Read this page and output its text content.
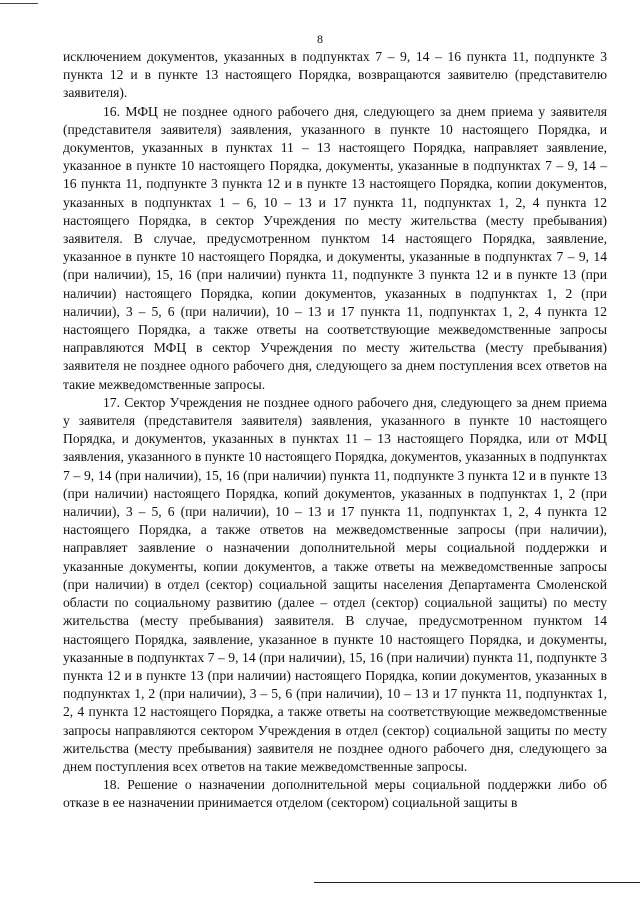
8

исключением документов, указанных в подпунктах 7 – 9, 14 – 16 пункта 11, подпункте 3 пункта 12 и в пункте 13 настоящего Порядка, возвращаются заявителю (представителю заявителя).

16. МФЦ не позднее одного рабочего дня, следующего за днем приема у заявителя (представителя заявителя) заявления, указанного в пункте 10 настоящего Порядка, и документов, указанных в пунктах 11 – 13 настоящего Порядка, направляет заявление, указанное в пункте 10 настоящего Порядка, документы, указанные в подпунктах 7 – 9, 14 – 16 пункта 11, подпункте 3 пункта 12 и в пункте 13 настоящего Порядка, копии документов, указанных в подпунктах 1 – 6, 10 – 13 и 17 пункта 11, подпунктах 1, 2, 4 пункта 12 настоящего Порядка, в сектор Учреждения по месту жительства (месту пребывания) заявителя. В случае, предусмотренном пунктом 14 настоящего Порядка, заявление, указанное в пункте 10 настоящего Порядка, и документы, указанные в подпунктах 7 – 9, 14 (при наличии), 15, 16 (при наличии) пункта 11, подпункте 3 пункта 12 и в пункте 13 (при наличии) настоящего Порядка, копии документов, указанных в подпунктах 1, 2 (при наличии), 3 – 5, 6 (при наличии), 10 – 13 и 17 пункта 11, подпунктах 1, 2, 4 пункта 12 настоящего Порядка, а также ответы на соответствующие межведомственные запросы направляются МФЦ в сектор Учреждения по месту жительства (месту пребывания) заявителя не позднее одного рабочего дня, следующего за днем поступления всех ответов на такие межведомственные запросы.

17. Сектор Учреждения не позднее одного рабочего дня, следующего за днем приема у заявителя (представителя заявителя) заявления, указанного в пункте 10 настоящего Порядка, и документов, указанных в пунктах 11 – 13 настоящего Порядка, или от МФЦ заявления, указанного в пункте 10 настоящего Порядка, документов, указанных в подпунктах 7 – 9, 14 (при наличии), 15, 16 (при наличии) пункта 11, подпункте 3 пункта 12 и в пункте 13 (при наличии) настоящего Порядка, копий документов, указанных в подпунктах 1, 2 (при наличии), 3 – 5, 6 (при наличии), 10 – 13 и 17 пункта 11, подпунктах 1, 2, 4 пункта 12 настоящего Порядка, а также ответов на межведомственные запросы (при наличии), направляет заявление о назначении дополнительной меры социальной поддержки и указанные документы, копии документов, а также ответы на межведомственные запросы (при наличии) в отдел (сектор) социальной защиты населения Департамента Смоленской области по социальному развитию (далее – отдел (сектор) социальной защиты) по месту жительства (месту пребывания) заявителя. В случае, предусмотренном пунктом 14 настоящего Порядка, заявление, указанное в пункте 10 настоящего Порядка, и документы, указанные в подпунктах 7 – 9, 14 (при наличии), 15, 16 (при наличии) пункта 11, подпункте 3 пункта 12 и в пункте 13 (при наличии) настоящего Порядка, копии документов, указанных в подпунктах 1, 2 (при наличии), 3 – 5, 6 (при наличии), 10 – 13 и 17 пункта 11, подпунктах 1, 2, 4 пункта 12 настоящего Порядка, а также ответы на соответствующие межведомственные запросы направляются сектором Учреждения в отдел (сектор) социальной защиты по месту жительства (месту пребывания) заявителя не позднее одного рабочего дня, следующего за днем поступления всех ответов на такие межведомственные запросы.

18. Решение о назначении дополнительной меры социальной поддержки либо об отказе в ее назначении принимается отделом (сектором) социальной защиты в
